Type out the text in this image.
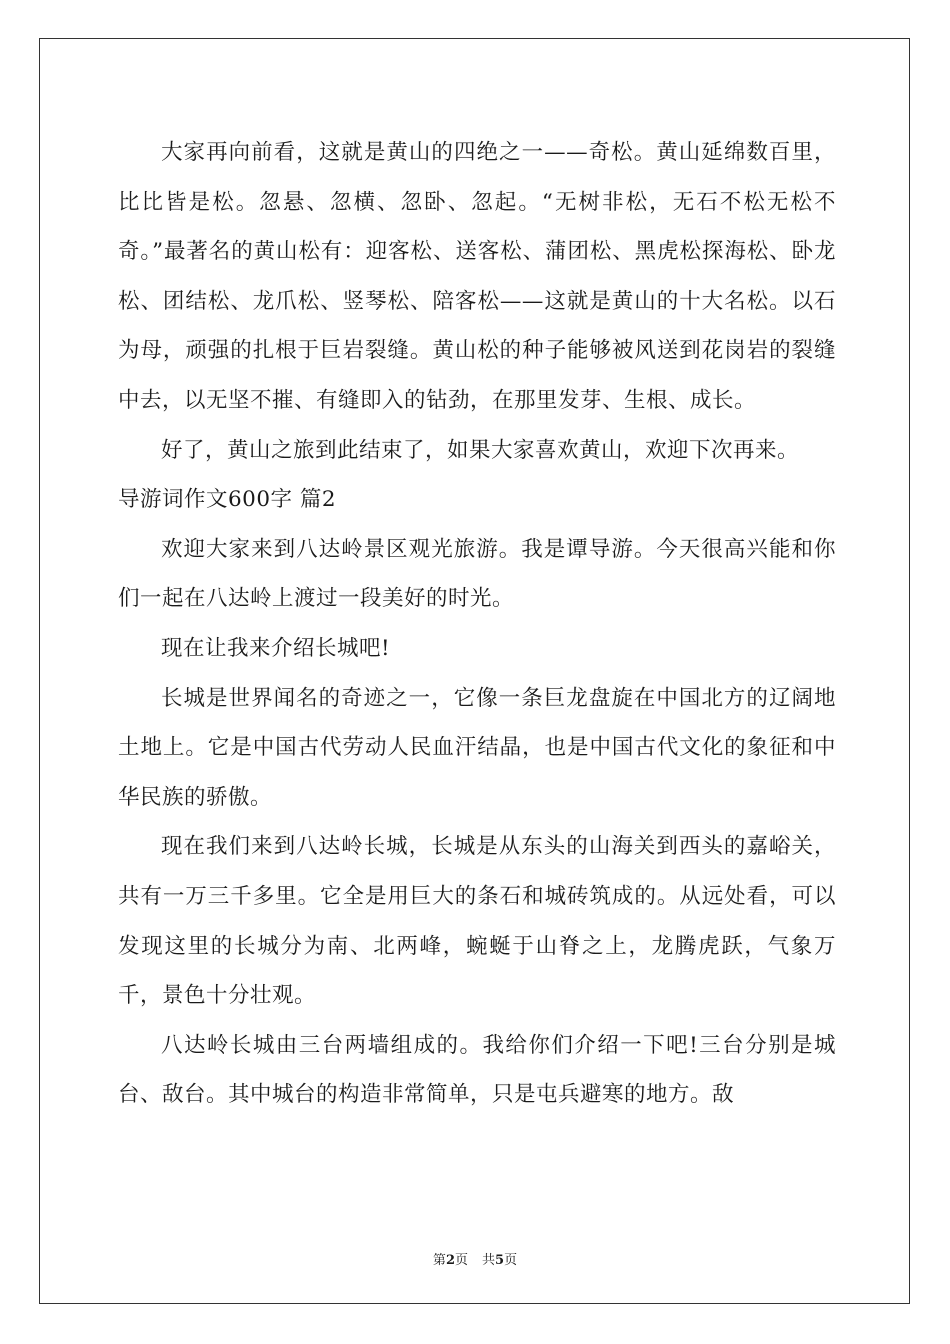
大家再向前看，这就是黄山的四绝之一——奇松。黄山延绵数百里，比比皆是松。忽悬、忽横、忽卧、忽起。“无树非松，无石不松无松不奇。”最著名的黄山松有：迎客松、送客松、蒲团松、黑虎松探海松、卧龙松、团结松、龙爪松、竖琴松、陪客松——这就是黄山的十大名松。以石为母，顽强的扎根于巨岩裂缝。黄山松的种子能够被风送到花岗岩的裂缝中去，以无坚不摧、有缝即入的钻劲，在那里发芽、生根、成长。

好了，黄山之旅到此结束了，如果大家喜欢黄山，欢迎下次再来。

导游词作文600字 篇2

欢迎大家来到八达岭景区观光旅游。我是谭导游。今天很高兴能和你们一起在八达岭上渡过一段美好的时光。

现在让我来介绍长城吧!

长城是世界闻名的奇迹之一，它像一条巨龙盘旋在中国北方的辽阔地土地上。它是中国古代劳动人民血汗结晶，也是中国古代文化的象征和中华民族的骄傲。

现在我们来到八达岭长城，长城是从东头的山海关到西头的嘉峪关，共有一万三千多里。它全是用巨大的条石和城砖筑成的。从远处看，可以发现这里的长城分为南、北两峰，蜿蜒于山脊之上，龙腾虎跃，气象万千，景色十分壮观。

八达岭长城由三台两墙组成的。我给你们介绍一下吧!三台分别是城台、敌台。其中城台的构造非常简单，只是屯兵避寒的地方。敌

第2页 共5页
